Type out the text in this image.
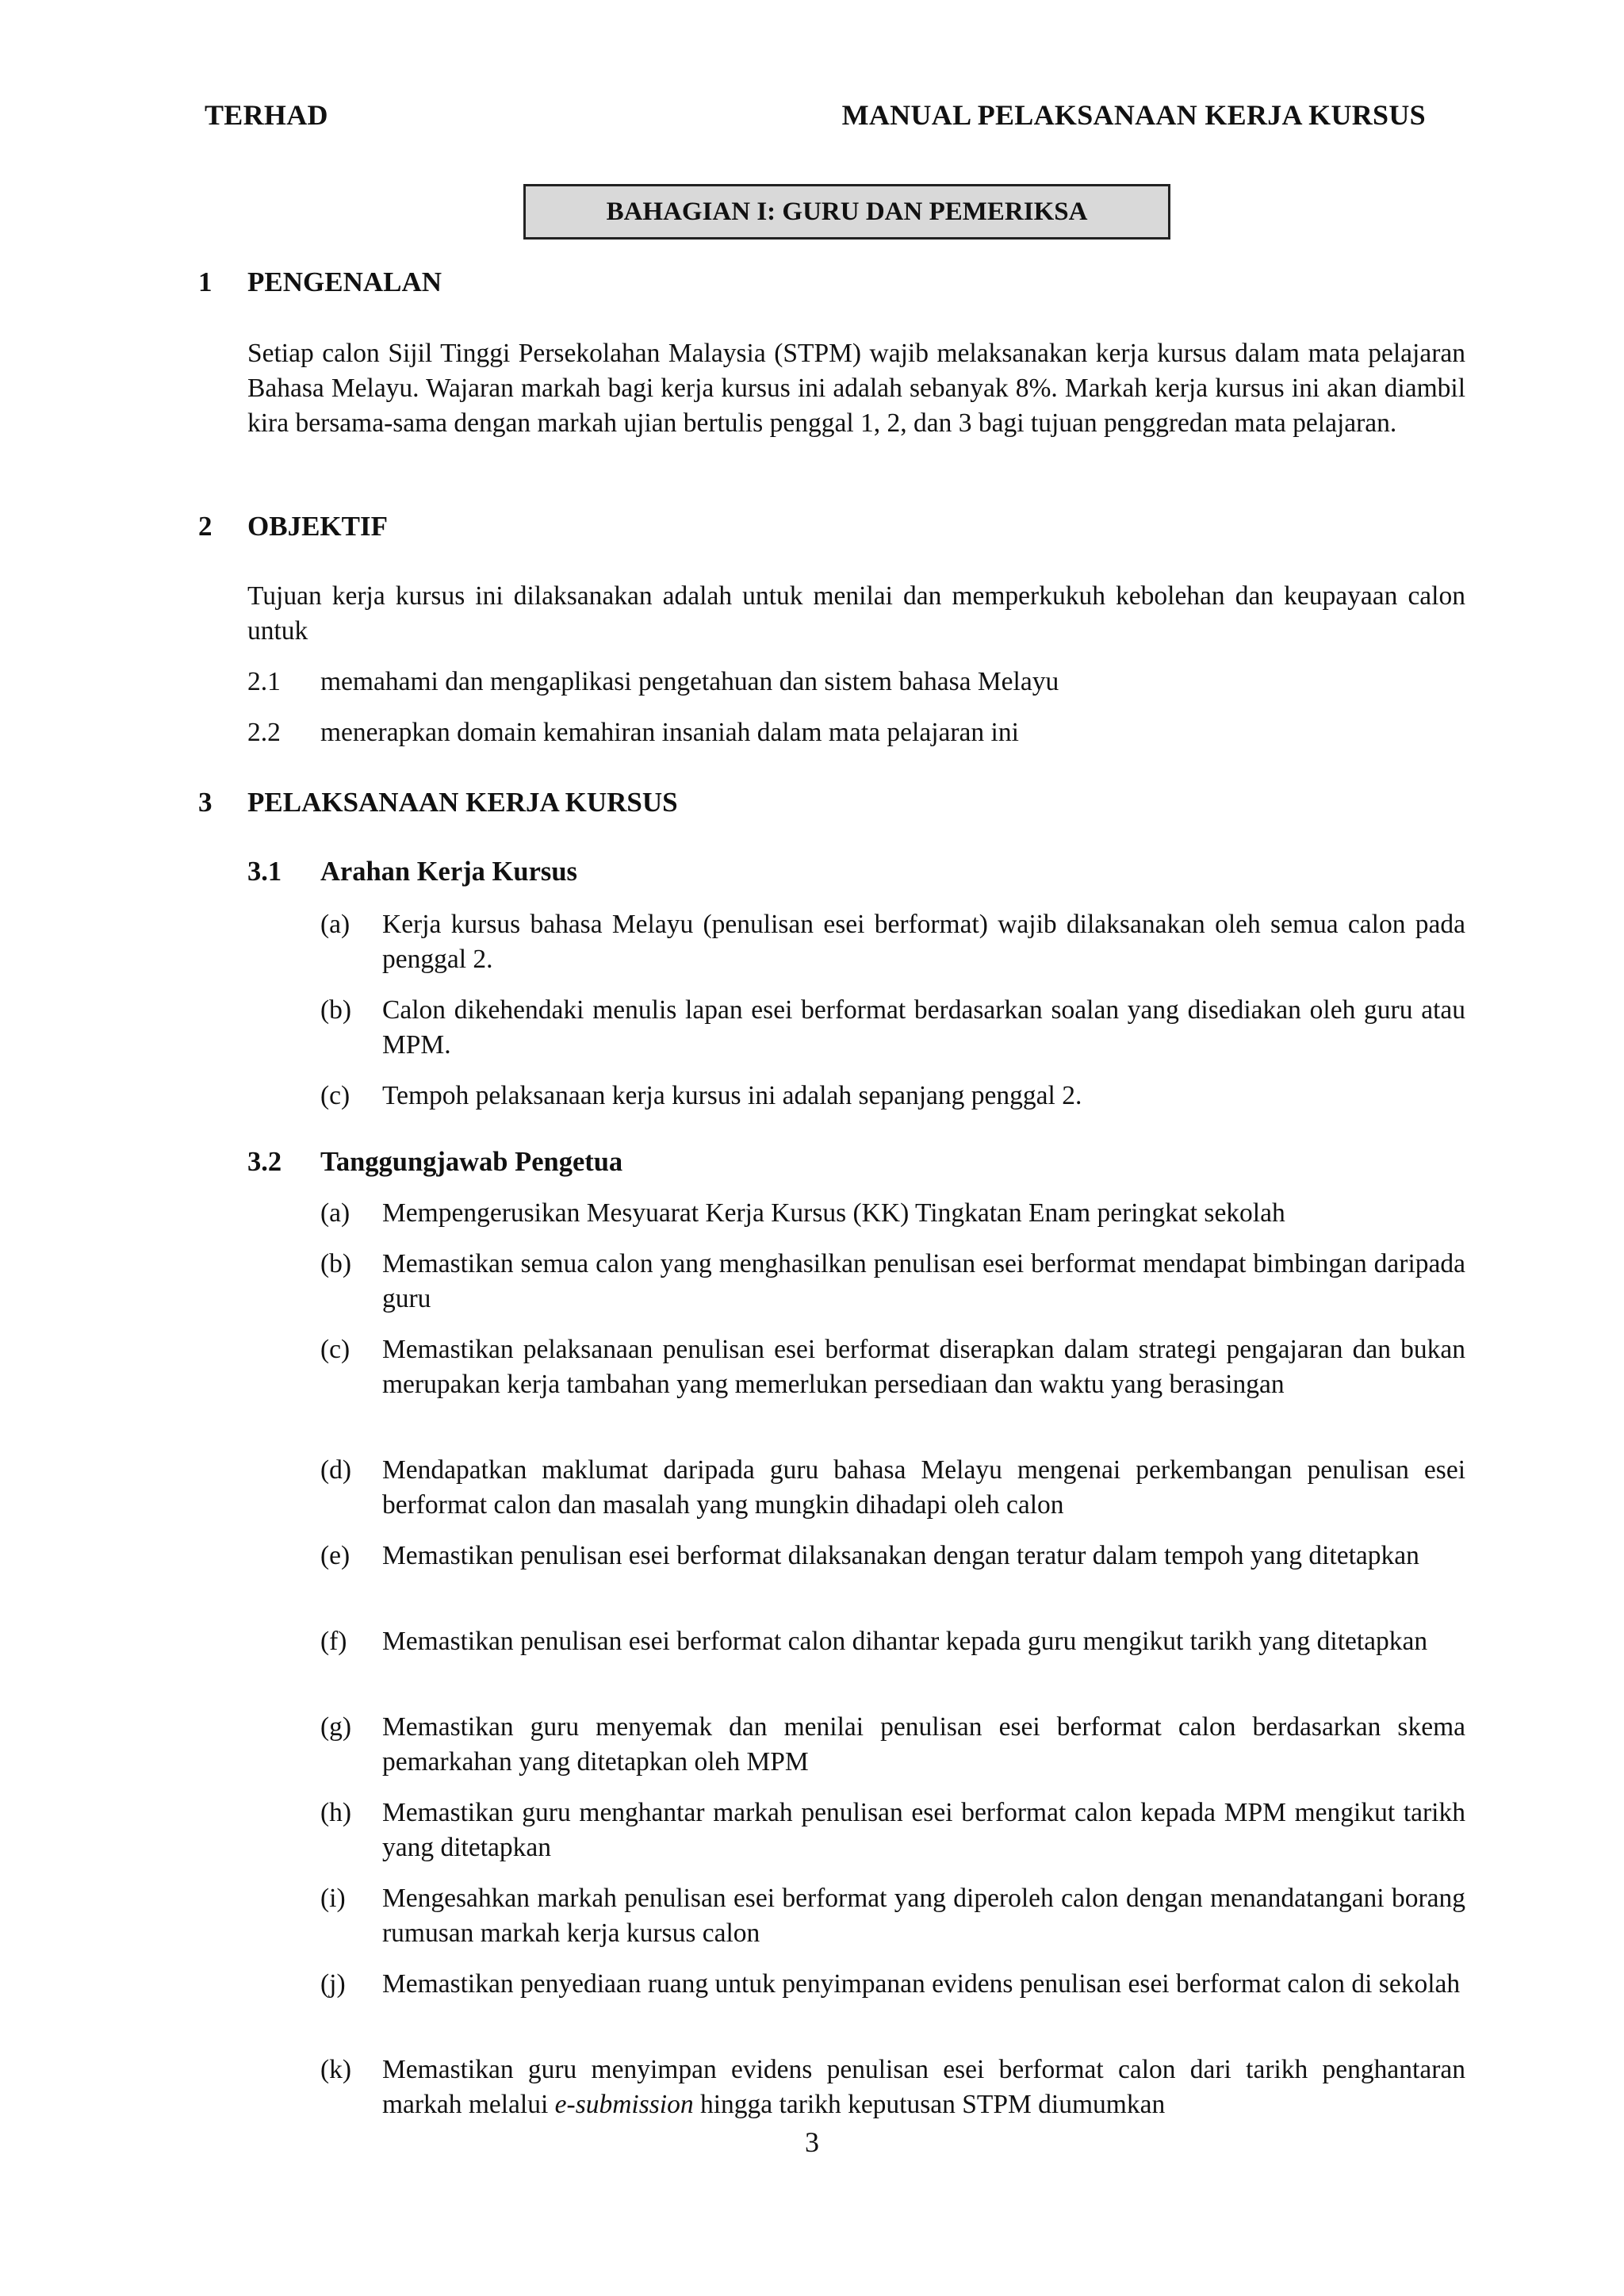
TERHAD	MANUAL PELAKSANAAN KERJA KURSUS
BAHAGIAN I: GURU DAN PEMERIKSA
1 PENGENALAN
Setiap calon Sijil Tinggi Persekolahan Malaysia (STPM) wajib melaksanakan kerja kursus dalam mata pelajaran Bahasa Melayu. Wajaran markah bagi kerja kursus ini adalah sebanyak 8%. Markah kerja kursus ini akan diambil kira bersama-sama dengan markah ujian bertulis penggal 1, 2, dan 3 bagi tujuan penggredan mata pelajaran.
2 OBJEKTIF
Tujuan kerja kursus ini dilaksanakan adalah untuk menilai dan memperkukuh kebolehan dan keupayaan calon untuk
2.1 memahami dan mengaplikasi pengetahuan dan sistem bahasa Melayu
2.2 menerapkan domain kemahiran insaniah dalam mata pelajaran ini
3 PELAKSANAAN KERJA KURSUS
3.1 Arahan Kerja Kursus
(a) Kerja kursus bahasa Melayu (penulisan esei berformat) wajib dilaksanakan oleh semua calon pada penggal 2.
(b) Calon dikehendaki menulis lapan esei berformat berdasarkan soalan yang disediakan oleh guru atau MPM.
(c) Tempoh pelaksanaan kerja kursus ini adalah sepanjang penggal 2.
3.2 Tanggungjawab Pengetua
(a) Mempengerusikan Mesyuarat Kerja Kursus (KK) Tingkatan Enam peringkat sekolah
(b) Memastikan semua calon yang menghasilkan penulisan esei berformat mendapat bimbingan daripada guru
(c) Memastikan pelaksanaan penulisan esei berformat diserapkan dalam strategi pengajaran dan bukan merupakan kerja tambahan yang memerlukan persediaan dan waktu yang berasingan
(d) Mendapatkan maklumat daripada guru bahasa Melayu mengenai perkembangan penulisan esei berformat calon dan masalah yang mungkin dihadapi oleh calon
(e) Memastikan penulisan esei berformat dilaksanakan dengan teratur dalam tempoh yang ditetapkan
(f) Memastikan penulisan esei berformat calon dihantar kepada guru mengikut tarikh yang ditetapkan
(g) Memastikan guru menyemak dan menilai penulisan esei berformat calon berdasarkan skema pemarkahan yang ditetapkan oleh MPM
(h) Memastikan guru menghantar markah penulisan esei berformat calon kepada MPM mengikut tarikh yang ditetapkan
(i) Mengesahkan markah penulisan esei berformat yang diperoleh calon dengan menandatangani borang rumusan markah kerja kursus calon
(j) Memastikan penyediaan ruang untuk penyimpanan evidens penulisan esei berformat calon di sekolah
(k) Memastikan guru menyimpan evidens penulisan esei berformat calon dari tarikh penghantaran markah melalui e-submission hingga tarikh keputusan STPM diumumkan
3
